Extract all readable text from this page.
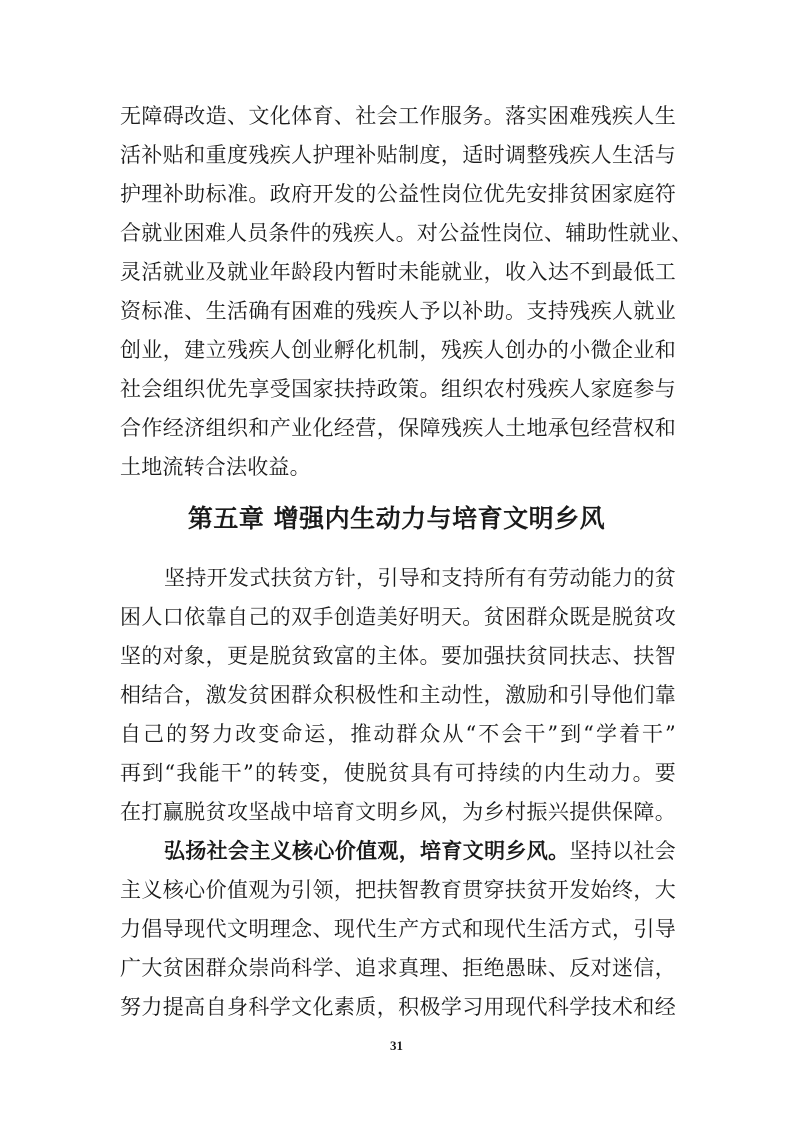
无障碍改造、文化体育、社会工作服务。落实困难残疾人生
活补贴和重度残疾人护理补贴制度，适时调整残疾人生活与
护理补助标准。政府开发的公益性岗位优先安排贫困家庭符
合就业困难人员条件的残疾人。对公益性岗位、辅助性就业、
灵活就业及就业年龄段内暂时未能就业，收入达不到最低工
资标准、生活确有困难的残疾人予以补助。支持残疾人就业
创业，建立残疾人创业孵化机制，残疾人创办的小微企业和
社会组织优先享受国家扶持政策。组织农村残疾人家庭参与
合作经济组织和产业化经营，保障残疾人土地承包经营权和
土地流转合法收益。
第五章 增强内生动力与培育文明乡风
坚持开发式扶贫方针，引导和支持所有有劳动能力的贫
困人口依靠自己的双手创造美好明天。贫困群众既是脱贫攻
坚的对象，更是脱贫致富的主体。要加强扶贫同扶志、扶智
相结合，激发贫困群众积极性和主动性，激励和引导他们靠
自己的努力改变命运，推动群众从“不会干”到“学着干”
再到“我能干”的转变，使脱贫具有可持续的内生动力。要
在打赢脱贫攻坚战中培育文明乡风，为乡村振兴提供保障。
弘扬社会主义核心价值观，培育文明乡风。坚持以社会
主义核心价值观为引领，把扶智教育贯穿扶贫开发始终，大
力倡导现代文明理念、现代生产方式和现代生活方式，引导
广大贫困群众崇尚科学、追求真理、拒绝愚昧、反对迷信，
努力提高自身科学文化素质，积极学习用现代科学技术和经
31
